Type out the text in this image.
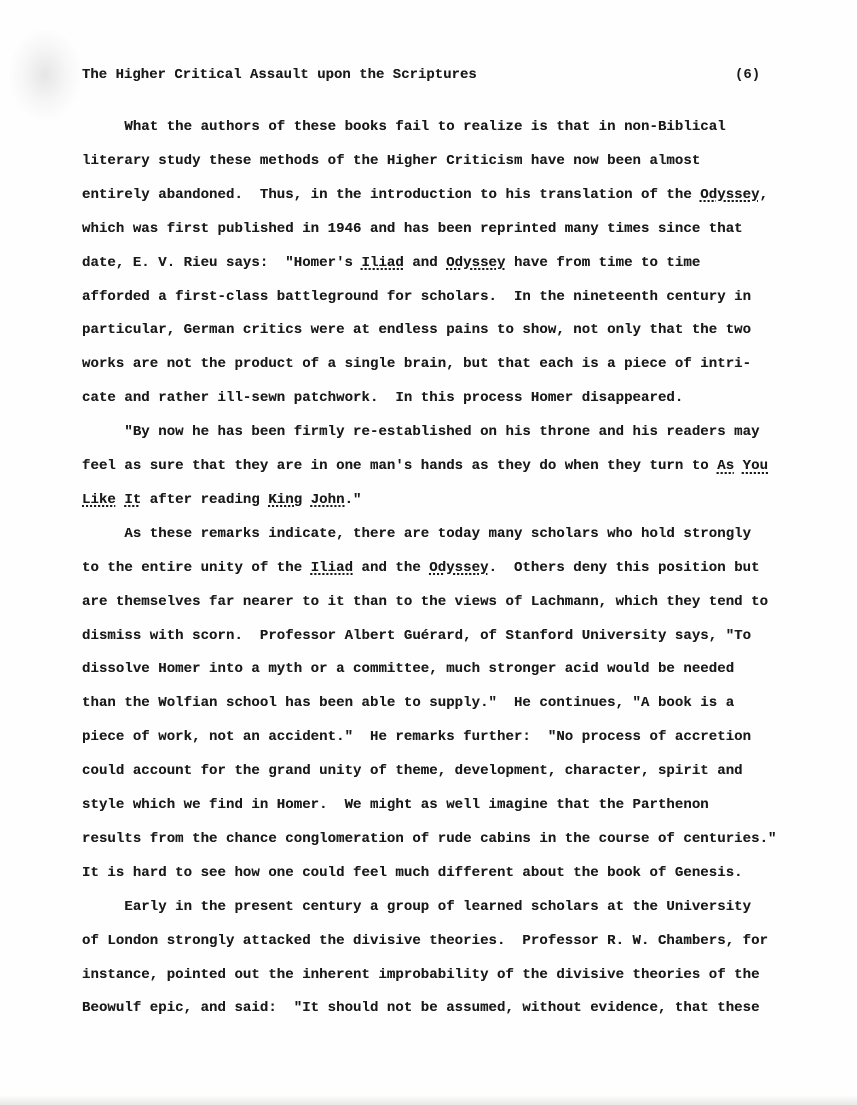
The Higher Critical Assault upon the Scriptures	(6)
What the authors of these books fail to realize is that in non-Biblical
literary study these methods of the Higher Criticism have now been almost
entirely abandoned.  Thus, in the introduction to his translation of the Odyssey,
which was first published in 1946 and has been reprinted many times since that
date, E. V. Rieu says:  "Homer's Iliad and Odyssey have from time to time
afforded a first-class battleground for scholars.  In the nineteenth century in
particular, German critics were at endless pains to show, not only that the two
works are not the product of a single brain, but that each is a piece of intri-
cate and rather ill-sewn patchwork.  In this process Homer disappeared.
"By now he has been firmly re-established on his throne and his readers may
feel as sure that they are in one man's hands as they do when they turn to As You
Like It after reading King John."
As these remarks indicate, there are today many scholars who hold strongly
to the entire unity of the Iliad and the Odyssey.  Others deny this position but
are themselves far nearer to it than to the views of Lachmann, which they tend to
dismiss with scorn.  Professor Albert Guérard, of Stanford University says, "To
dissolve Homer into a myth or a committee, much stronger acid would be needed
than the Wolfian school has been able to supply."  He continues, "A book is a
piece of work, not an accident."  He remarks further:  "No process of accretion
could account for the grand unity of theme, development, character, spirit and
style which we find in Homer.  We might as well imagine that the Parthenon
results from the chance conglomeration of rude cabins in the course of centuries."
It is hard to see how one could feel much different about the book of Genesis.
Early in the present century a group of learned scholars at the University
of London strongly attacked the divisive theories.  Professor R. W. Chambers, for
instance, pointed out the inherent improbability of the divisive theories of the
Beowulf epic, and said:  "It should not be assumed, without evidence, that these
